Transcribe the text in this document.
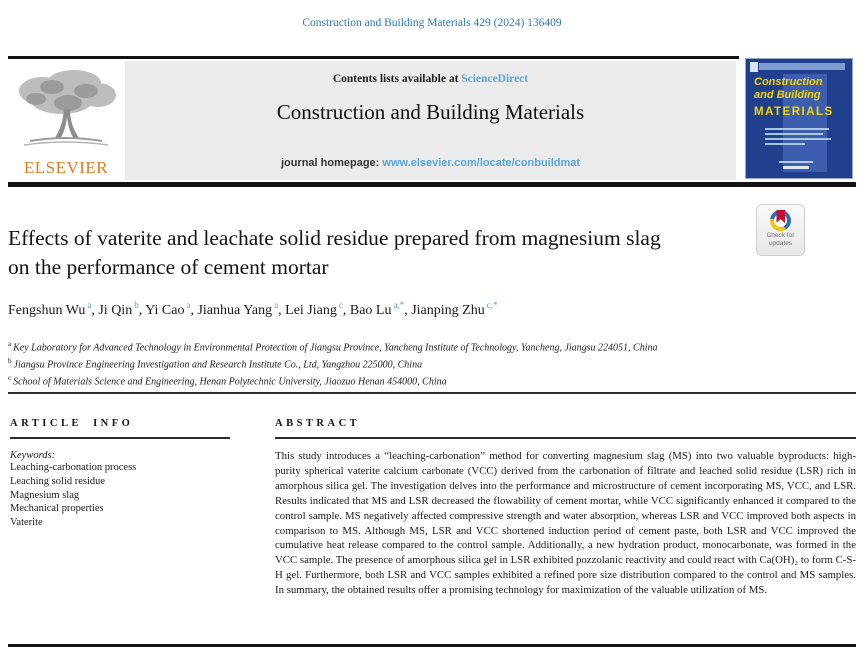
Construction and Building Materials 429 (2024) 136409
Contents lists available at ScienceDirect
Construction and Building Materials
journal homepage: www.elsevier.com/locate/conbuildmat
ELSEVIER
Construction
and Building
MATERIALS
Effects of vaterite and leachate solid residue prepared from magnesium slag
on the performance of cement mortar
Check for
updates
Fengshun Wu $^a$, Ji Qin $^b$, Yi Cao $^a$, Jianhua Yang $^a$, Lei Jiang $^c$, Bao Lu $^{a,*}$, Jianping Zhu $^{c,*}$
$^a$ Key Laboratory for Advanced Technology in Environmental Protection of Jiangsu Province, Yancheng Institute of Technology, Yancheng, Jiangsu 224051, China
$^b$ Jiangsu Province Engineering Investigation and Research Institute Co., Ltd, Yangzhou 225000, China
$^c$ School of Materials Science and Engineering, Henan Polytechnic University, Jiaozuo Henan 454000, China
ARTICLE INFO
Keywords:
Leaching-carbonation process
Leaching solid residue
Magnesium slag
Mechanical properties
Vaterite
ABSTRACT
This study introduces a “leaching-carbonation” method for converting magnesium slag (MS) into two valuable byproducts: high-purity spherical vaterite calcium carbonate (VCC) derived from the carbonation of filtrate and leached solid residue (LSR) rich in amorphous silica gel. The investigation delves into the performance and microstructure of cement incorporating MS, VCC, and LSR. Results indicated that MS and LSR decreased the flowability of cement mortar, while VCC significantly enhanced it compared to the control sample. MS negatively affected compressive strength and water absorption, whereas LSR and VCC improved both aspects in comparison to MS. Although MS, LSR and VCC shortened induction period of cement paste, both LSR and VCC improved the cumulative heat release compared to the control sample. Additionally, a new hydration product, monocarbonate, was formed in the VCC sample. The presence of amorphous silica gel in LSR exhibited pozzolanic reactivity and could react with Ca(OH)₂ to form C-S-H gel. Furthermore, both LSR and VCC samples exhibited a refined pore size distribution compared to the control and MS samples. In summary, the obtained results offer a promising technology for maximization of the valuable utilization of MS.
